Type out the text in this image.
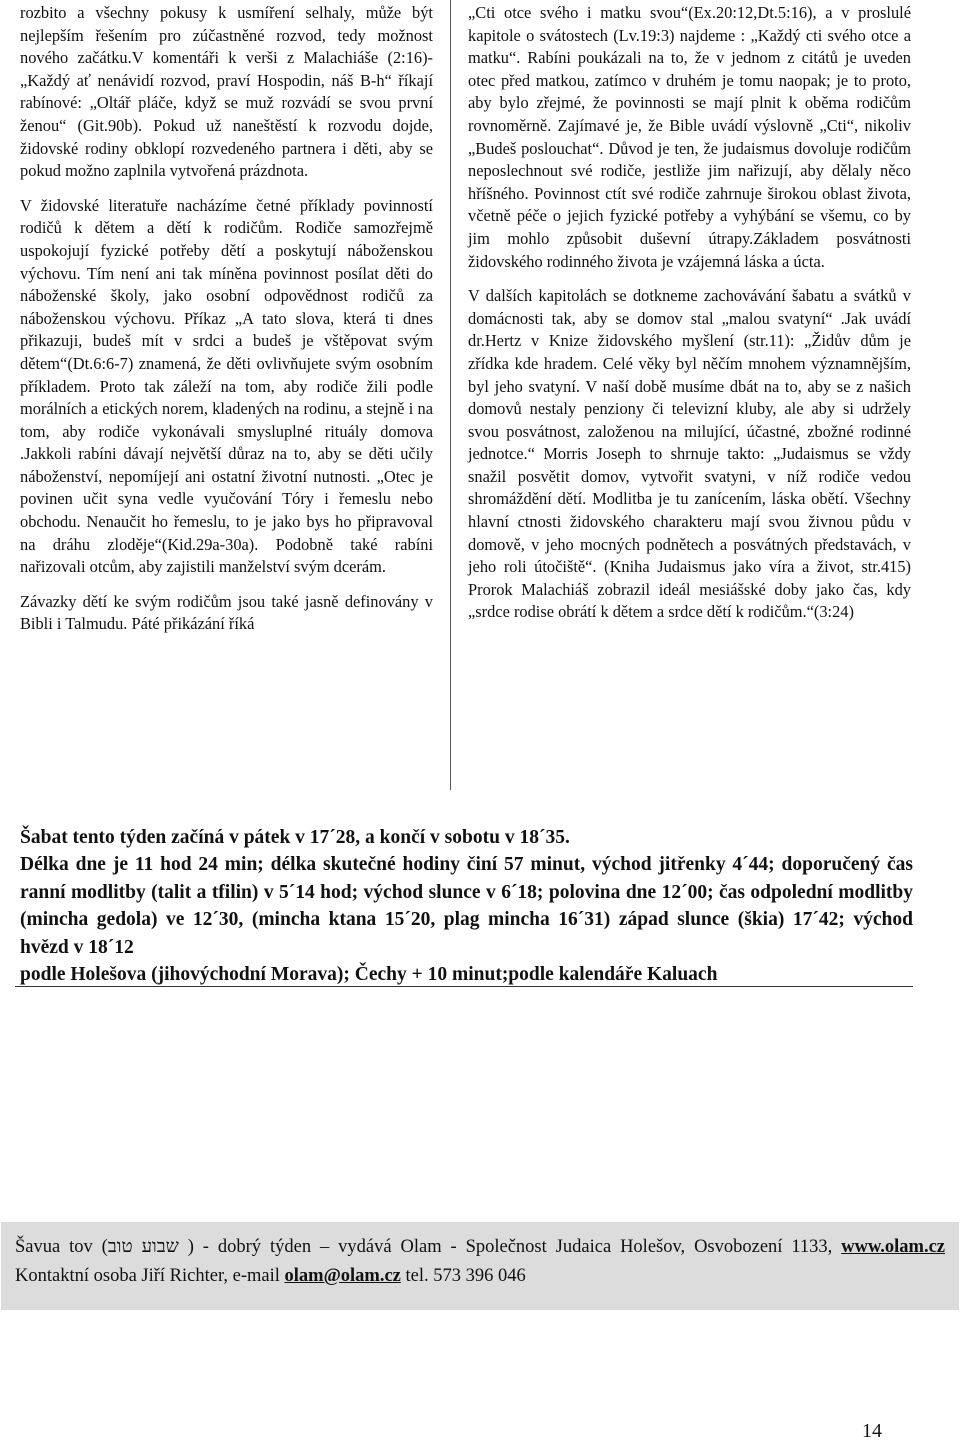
rozbito a všechny pokusy k usmíření selhaly, může být nejlepším řešením pro zúčastněné rozvod, tedy možnost nového začátku.V komentáři k verši z Malachiáše (2:16)-„Každý ať nenávidí rozvod, praví Hospodin, náš B-h“ říkají rabínové: „Oltář pláče, když se muž rozvádí se svou první ženou“ (Git.90b). Pokud už naneštěstí k rozvodu dojde, židovské rodiny obklopí rozvedeného partnera i děti, aby se pokud možno zaplnila vytvořená prázdnota.

V židovské literatuře nacházíme četné příklady povinností rodičů k dětem a dětí k rodičům. Rodiče samozřejmě uspokojují fyzické potřeby dětí a poskytují náboženskou výchovu. Tím není ani tak míněna povinnost posílat děti do náboženské školy, jako osobní odpovědnost rodičů za náboženskou výchovu. Příkaz „A tato slova, která ti dnes přikazuji, budeš mít v srdci a budeš je vštěpovat svým dětem“(Dt.6:6-7) znamená, že děti ovlivňujete svým osobním příkladem. Proto tak záleží na tom, aby rodiče žili podle morálních a etických norem, kladených na rodinu, a stejně i na tom, aby rodiče vykonávali smysluplné rituály domova .Jakkoli rabíni dávají největší důraz na to, aby se děti učily náboženství, nepomíjejí ani ostatní životní nutnosti. „Otec je povinen učit syna vedle vyučování Tóry i řemeslu nebo obchodu. Nenaučit ho řemeslu, to je jako bys ho připravoval na dráhu zloděje“(Kid.29a-30a). Podobně také rabíni nařizovali otcům, aby zajistili manželství svým dcerám.

Závazky dětí ke svým rodičům jsou také jasně definovány v Bibli i Talmudu. Páté přikázání říká

„Cti otce svého i matku svou“(Ex.20:12,Dt.5:16), a v proslulé kapitole o svátostech (Lv.19:3) najdeme : „Každý cti svého otce a matku“. Rabíni poukázali na to, že v jednom z citátů je uveden otec před matkou, zatímco v druhém je tomu naopak; je to proto, aby bylo zřejmé, že povinnosti se mají plnit k oběma rodičům rovnoměrně. Zajímavé je, že Bible uvádí výslovně „Cti“, nikoliv „Budeš poslouchat“. Důvod je ten, že judaismus dovoluje rodičům neposlechnout své rodiče, jestliže jim nařizují, aby dělaly něco hříšného. Povinnost ctít své rodiče zahrnuje širokou oblast života, včetně péče o jejich fyzické potřeby a vyhýbání se všemu, co by jim mohlo způsobit duševní útrapy.Základem posvátnosti židovského rodinného života je vzájemná láska a úcta.

V dalších kapitolách se dotkneme zachovávání šabatu a svátků v domácnosti tak, aby se domov stal „malou svatyní“ .Jak uvádí dr.Hertz v Knize židovského myšlení (str.11): „Židův dům je zřídka kde hradem. Celé věky byl něčím mnohem významnějším, byl jeho svatyní. V naší době musíme dbát na to, aby se z našich domovů nestaly penziony či televizní kluby, ale aby si udržely svou posvátnost, založenou na milující, účastné, zbožné rodinné jednotce.“ Morris Joseph to shrnuje takto: „Judaismus se vždy snažil posvětit domov, vytvořit svatyni, v níž rodiče vedou shromáždění dětí. Modlitba je tu zanícením, láska obětí. Všechny hlavní ctnosti židovského charakteru mají svou živnou půdu v domově, v jeho mocných podnětech a posvátných představách, v jeho roli útočiště“. (Kniha Judaismus jako víra a život, str.415) Prorok Malachiáš zobrazil ideál mesiášské doby jako čas, kdy „srdce rodise obrátí k dětem a srdce dětí k rodičům.“(3:24)

Šabat tento týden začíná v pátek v 17´28, a končí v sobotu v 18´35.

Délka dne je 11 hod 24 min; délka skutečné hodiny činí 57 minut, východ jitřenky 4´44; doporučený čas ranní modlitby (talit a tfilin) v 5´14 hod; východ slunce v 6´18; polovina dne 12´00; čas odpolední modlitby (mincha gedola) ve 12´30, (mincha ktana 15´20, plag mincha 16´31) západ slunce (škia) 17´42; východ hvězd v 18´12

podle Holešova (jihovýchodní Morava); Čechy + 10 minut;podle kalendáře Kaluach

Šavua tov (שבוע טוב ) - dobrý týden – vydává Olam - Společnost Judaica Holešov, Osvobození 1133, www.olam.cz Kontaktní osoba Jiří Richter, e-mail olam@olam.cz tel. 573 396 046

14
